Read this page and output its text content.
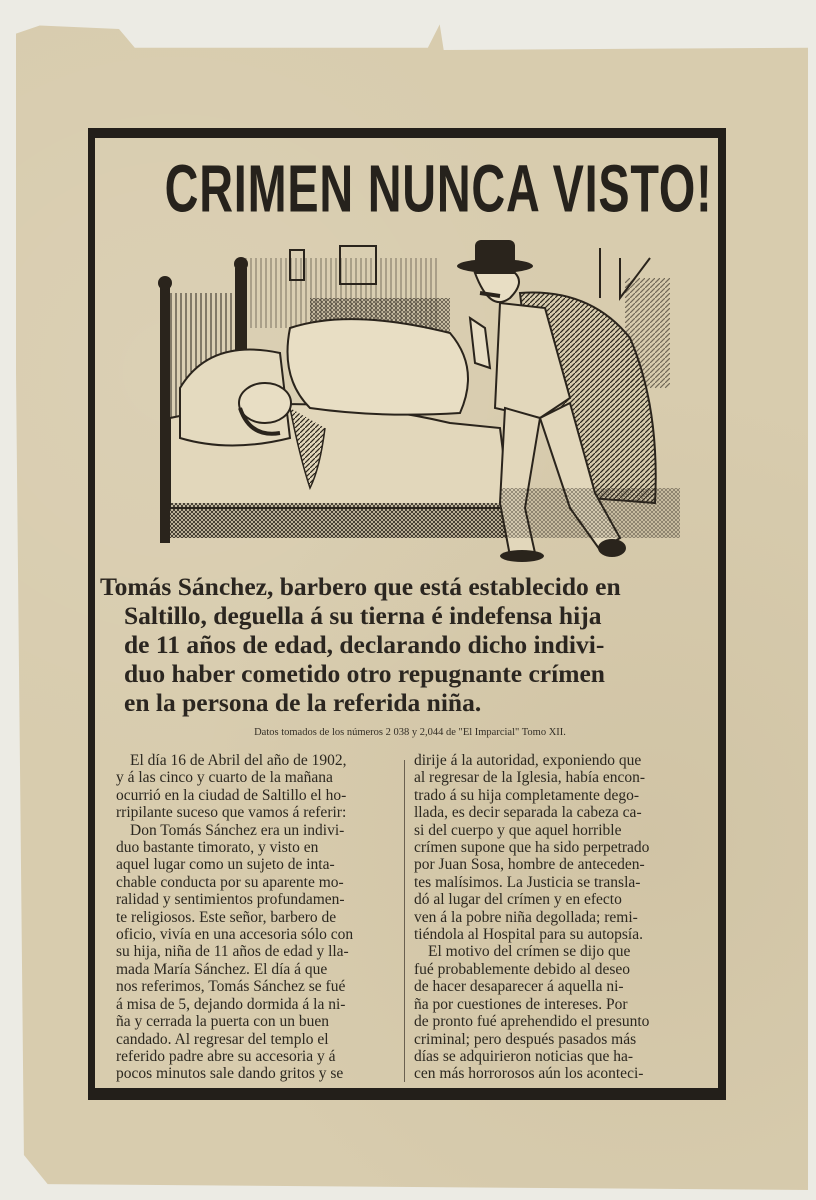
CRIMEN NUNCA VISTO!
Tomás Sánchez, barbero que está establecido en
Saltillo, deguella á su tierna é indefensa hija
de 11 años de edad, declarando dicho indivi-
duo haber cometido otro repugnante crímen
en la persona de la referida niña.
Datos tomados de los números 2 038 y 2,044 de "El Imparcial" Tomo XII.
El día 16 de Abril del año de 1902,
y á las cinco y cuarto de la mañana
ocurrió en la ciudad de Saltillo el ho-
rripilante suceso que vamos á referir:
Don Tomás Sánchez era un indivi-
duo bastante timorato, y visto en
aquel lugar como un sujeto de inta-
chable conducta por su aparente mo-
ralidad y sentimientos profundamen-
te religiosos. Este señor, barbero de
oficio, vivía en una accesoria sólo con
su hija, niña de 11 años de edad y lla-
mada María Sánchez. El día á que
nos referimos, Tomás Sánchez se fué
á misa de 5, dejando dormida á la ni-
ña y cerrada la puerta con un buen
candado. Al regresar del templo el
referido padre abre su accesoria y á
pocos minutos sale dando gritos y se
dirije á la autoridad, exponiendo que
al regresar de la Iglesia, había encon-
trado á su hija completamente dego-
llada, es decir separada la cabeza ca-
si del cuerpo y que aquel horrible
crímen supone que ha sido perpetrado
por Juan Sosa, hombre de anteceden-
tes malísimos. La Justicia se transla-
dó al lugar del crímen y en efecto
ven á la pobre niña degollada; remi-
tiéndola al Hospital para su autopsía.
El motivo del crímen se dijo que
fué probablemente debido al deseo
de hacer desaparecer á aquella ni-
ña por cuestiones de intereses. Por
de pronto fué aprehendido el presunto
criminal; pero después pasados más
días se adquirieron noticias que ha-
cen más horrorosos aún los aconteci-
